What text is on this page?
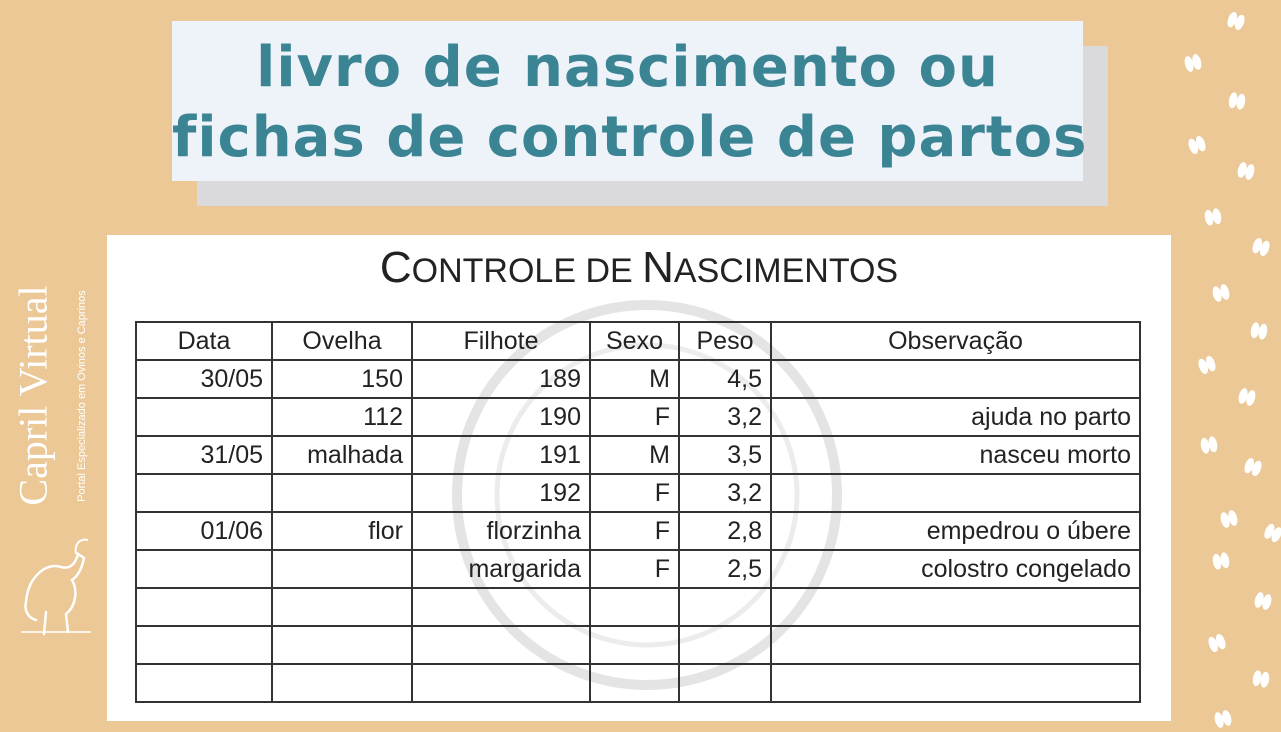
livro de nascimento ou
fichas de controle de partos
Capril Virtual Portal Especializado em Ovinos e Caprinos
CONTROLE DE NASCIMENTOS
Data	Ovelha	Filhote	Sexo	Peso	Observação
30/05	150	189	M	4,5	
	112	190	F	3,2	ajuda no parto
31/05	malhada	191	M	3,5	nasceu morto
		192	F	3,2	
01/06	flor	florzinha	F	2,8	empedrou o úbere
		margarida	F	2,5	colostro congelado
